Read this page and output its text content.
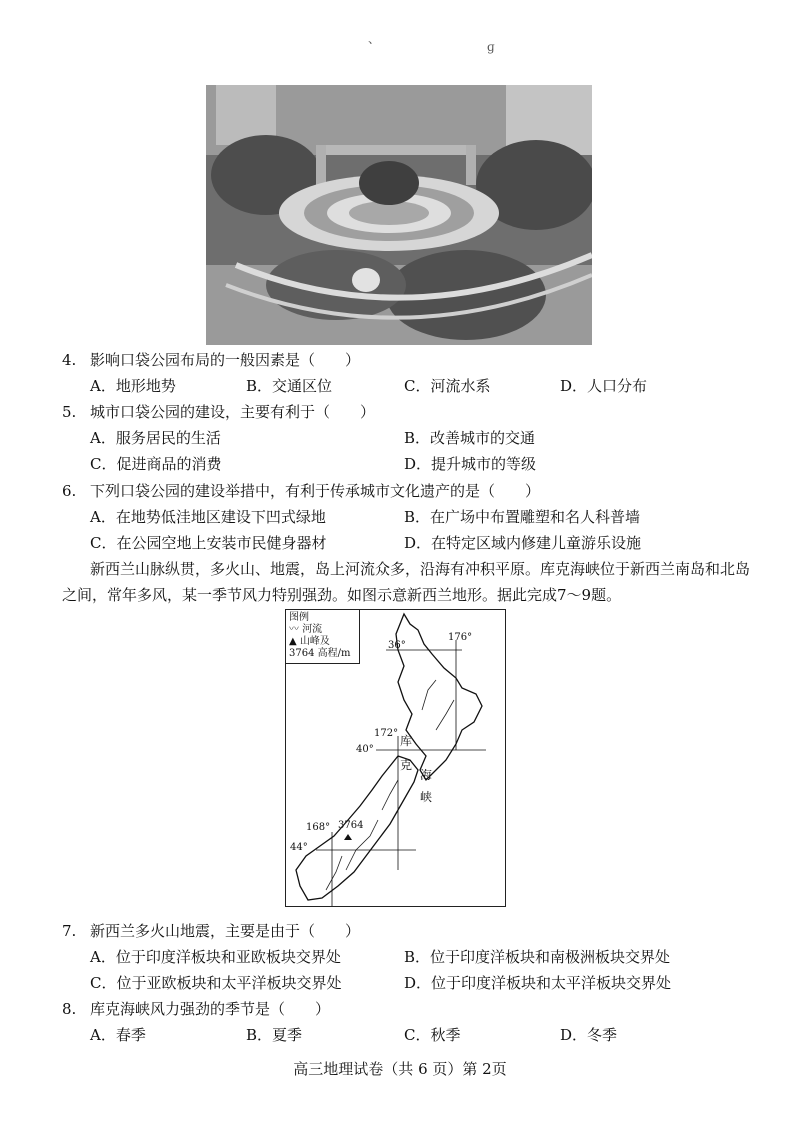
、
ɡ
4. 影响口袋公园布局的一般因素是（　　）
A．地形地势	B．交通区位	C．河流水系	D．人口分布
5. 城市口袋公园的建设，主要有利于（　　）
A．服务居民的生活	B．改善城市的交通
C．促进商品的消费	D．提升城市的等级
6. 下列口袋公园的建设举措中，有利于传承城市文化遗产的是（　　）
A．在地势低洼地区建设下凹式绿地	B．在广场中布置雕塑和名人科普墙
C．在公园空地上安装市民健身器材	D．在特定区域内修建儿童游乐设施

新西兰山脉纵贯，多火山、地震，岛上河流众多，沿海有冲积平原。库克海峡位于新西兰南岛和北岛之间，常年多风，某一季节风力特别强劲。如图示意新西兰地形。据此完成7～9题。

图例
〰 河流
▲ 山峰及
3764 高程/m
36°
176°
172°
40°
库
克
海
峡
168° 3764
44°
7. 新西兰多火山地震，主要是由于（　　）
A．位于印度洋板块和亚欧板块交界处	B．位于印度洋板块和南极洲板块交界处
C．位于亚欧板块和太平洋板块交界处	D．位于印度洋板块和太平洋板块交界处
8. 库克海峡风力强劲的季节是（　　）
A．春季	B．夏季	C．秋季	D．冬季
高三地理试卷（共 6 页）第 2页
